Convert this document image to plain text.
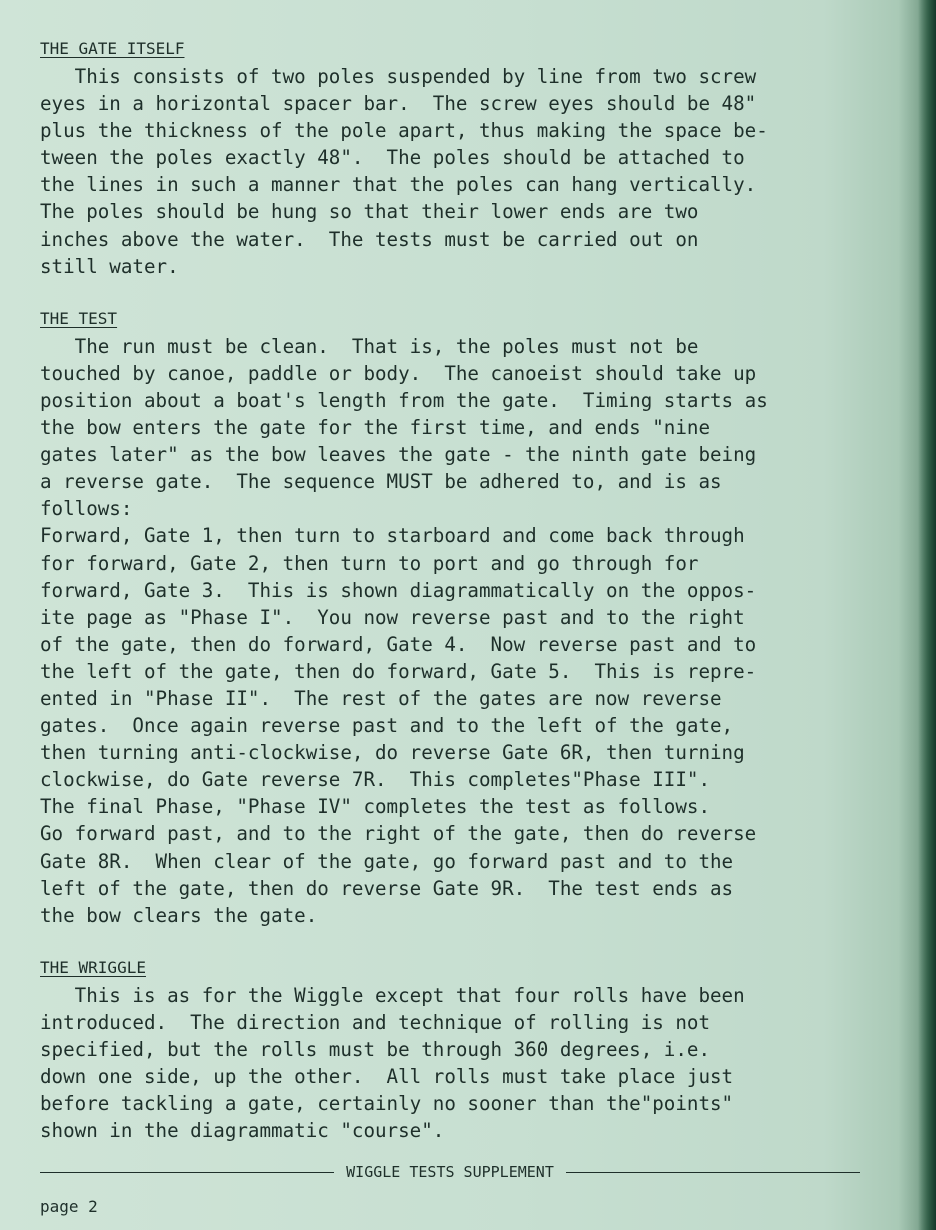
THE GATE ITSELF
This consists of two poles suspended by line from two screw
eyes in a horizontal spacer bar.  The screw eyes should be 48"
plus the thickness of the pole apart, thus making the space be-
tween the poles exactly 48".  The poles should be attached to
the lines in such a manner that the poles can hang vertically.
The poles should be hung so that their lower ends are two
inches above the water.  The tests must be carried out on
still water.
THE TEST
The run must be clean.  That is, the poles must not be
touched by canoe, paddle or body.  The canoeist should take up
position about a boat's length from the gate.  Timing starts as
the bow enters the gate for the first time, and ends "nine
gates later" as the bow leaves the gate - the ninth gate being
a reverse gate.  The sequence MUST be adhered to, and is as
follows:
Forward, Gate 1, then turn to starboard and come back through
for forward, Gate 2, then turn to port and go through for
forward, Gate 3.  This is shown diagrammatically on the oppos-
ite page as "Phase I".  You now reverse past and to the right
of the gate, then do forward, Gate 4.  Now reverse past and to
the left of the gate, then do forward, Gate 5.  This is repre-
ented in "Phase II".  The rest of the gates are now reverse
gates.  Once again reverse past and to the left of the gate,
then turning anti-clockwise, do reverse Gate 6R, then turning
clockwise, do Gate reverse 7R.  This completes"Phase III".
The final Phase, "Phase IV" completes the test as follows.
Go forward past, and to the right of the gate, then do reverse
Gate 8R.  When clear of the gate, go forward past and to the
left of the gate, then do reverse Gate 9R.  The test ends as
the bow clears the gate.
THE WRIGGLE
This is as for the Wiggle except that four rolls have been
introduced.  The direction and technique of rolling is not
specified, but the rolls must be through 360 degrees, i.e.
down one side, up the other.  All rolls must take place just
before tackling a gate, certainly no sooner than the"points"
shown in the diagrammatic "course".
WIGGLE TESTS SUPPLEMENT
page 2
